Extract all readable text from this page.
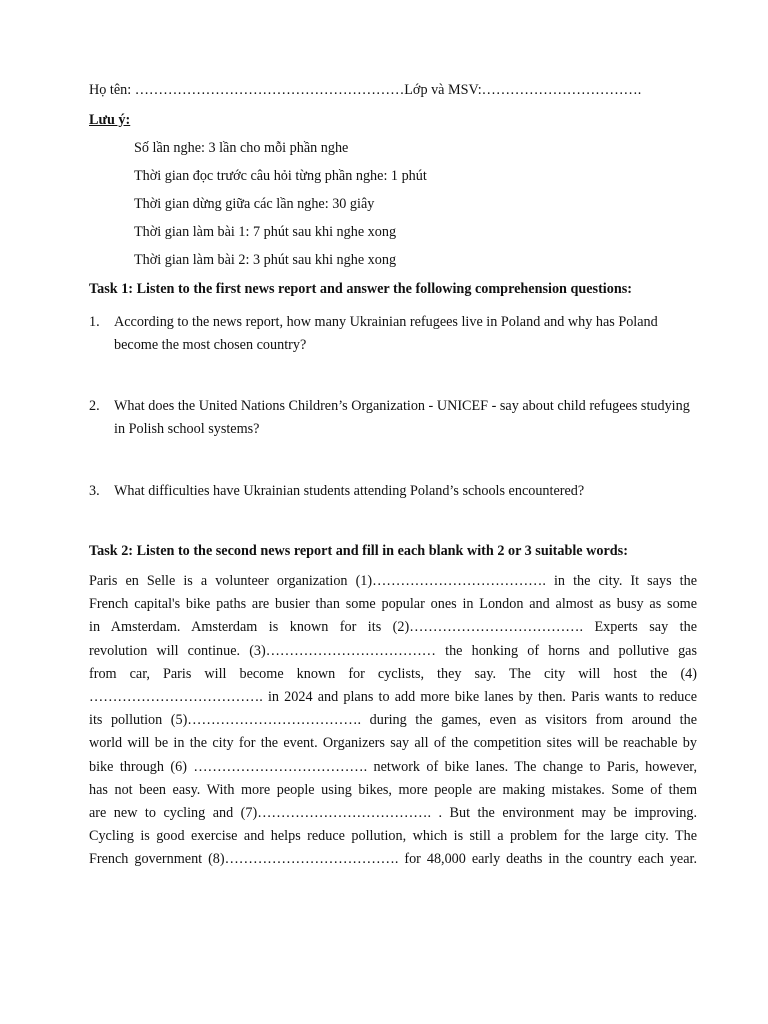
Họ tên: …………………………………………………Lớp và MSV:…………………………….
Lưu ý:
Số lần nghe: 3 lần cho mỗi phần nghe
Thời gian đọc trước câu hỏi từng phần nghe: 1 phút
Thời gian dừng giữa các lần nghe: 30 giây
Thời gian làm bài 1: 7 phút sau khi nghe xong
Thời gian làm bài 2: 3 phút sau khi nghe xong
Task 1: Listen to the first news report and answer the following comprehension questions:
1. According to the news report, how many Ukrainian refugees live in Poland and why has Poland become the most chosen country?
2. What does the United Nations Children’s Organization - UNICEF - say about child refugees studying in Polish school systems?
3. What difficulties have Ukrainian students attending Poland’s schools encountered?
Task 2: Listen to the second news report and fill in each blank with 2 or 3 suitable words:
Paris en Selle is a volunteer organization (1)………………………………. in the city. It says the
French capital's bike paths are busier than some popular ones in London and almost as busy as some
in Amsterdam. Amsterdam is known for its (2)………………………………. Experts say the
revolution will continue. (3)……………………………… the honking of horns and pollutive gas
from car, Paris will become known for cyclists, they say. The city will host the (4)
………………………………. in 2024 and plans to add more bike lanes by then. Paris wants to reduce
its pollution (5)………………………………. during the games, even as visitors from around the
world will be in the city for the event. Organizers say all of the competition sites will be reachable by
bike through (6) ………………………………. network of bike lanes. The change to Paris, however,
has not been easy. With more people using bikes, more people are making mistakes. Some of them
are new to cycling and (7)………………………………. . But the environment may be improving.
Cycling is good exercise and helps reduce pollution, which is still a problem for the large city. The
French government (8)………………………………. for 48,000 early deaths in the country each year.
